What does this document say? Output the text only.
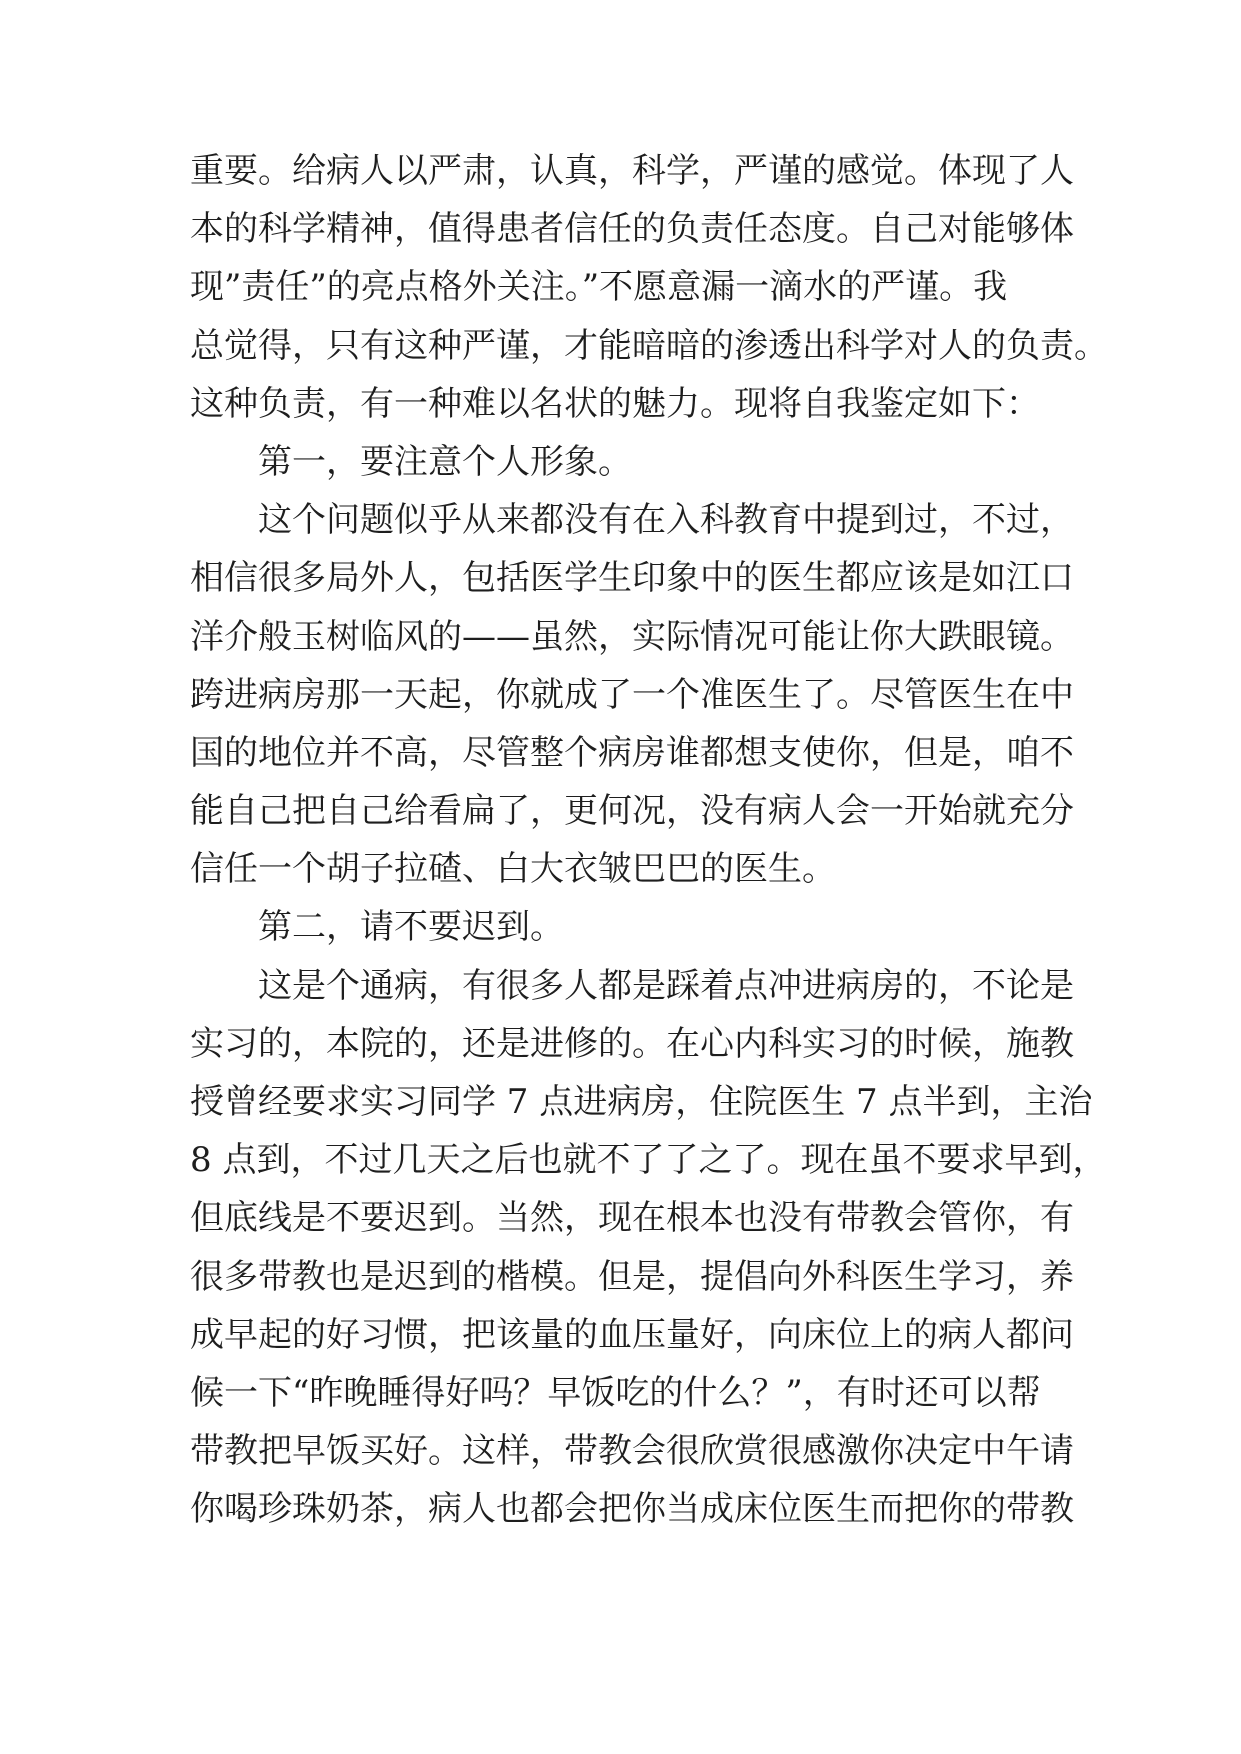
重要。给病人以严肃，认真，科学，严谨的感觉。体现了人
本的科学精神，值得患者信任的负责任态度。自己对能够体
现”责任”的亮点格外关注。”不愿意漏一滴水的严谨。我
总觉得，只有这种严谨，才能暗暗的渗透出科学对人的负责。
这种负责，有一种难以名状的魅力。现将自我鉴定如下：
第一，要注意个人形象。
这个问题似乎从来都没有在入科教育中提到过，不过，
相信很多局外人，包括医学生印象中的医生都应该是如江口
洋介般玉树临风的——虽然，实际情况可能让你大跌眼镜。
跨进病房那一天起，你就成了一个准医生了。尽管医生在中
国的地位并不高，尽管整个病房谁都想支使你，但是，咱不
能自己把自己给看扁了，更何况，没有病人会一开始就充分
信任一个胡子拉碴、白大衣皱巴巴的医生。
第二，请不要迟到。
这是个通病，有很多人都是踩着点冲进病房的，不论是
实习的，本院的，还是进修的。在心内科实习的时候，施教
授曾经要求实习同学 7 点进病房，住院医生 7 点半到，主治
8 点到，不过几天之后也就不了了之了。现在虽不要求早到，
但底线是不要迟到。当然，现在根本也没有带教会管你，有
很多带教也是迟到的楷模。但是，提倡向外科医生学习，养
成早起的好习惯，把该量的血压量好，向床位上的病人都问
候一下“昨晚睡得好吗？早饭吃的什么？”，有时还可以帮
带教把早饭买好。这样，带教会很欣赏很感激你决定中午请
你喝珍珠奶茶，病人也都会把你当成床位医生而把你的带教
